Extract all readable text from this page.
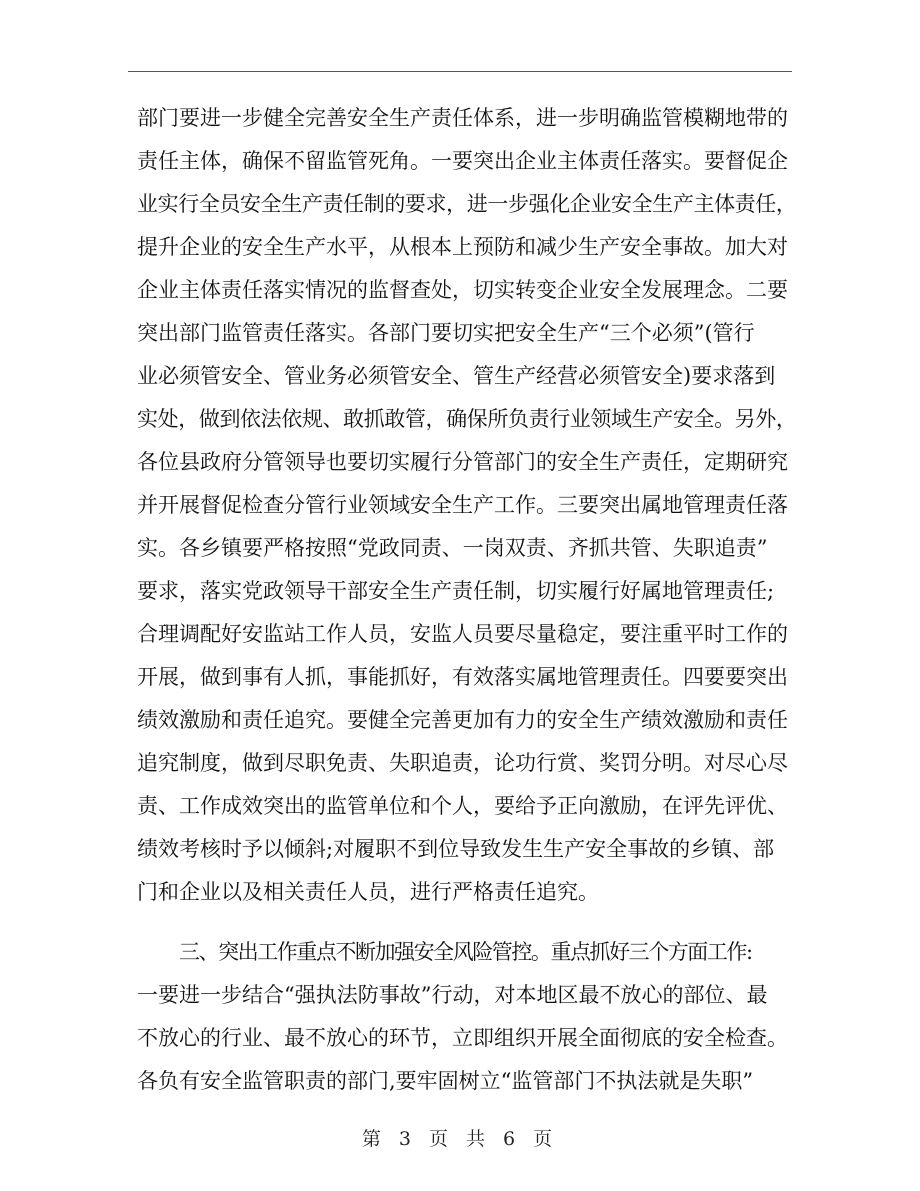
部门要进一步健全完善安全生产责任体系，进一步明确监管模糊地带的
责任主体，确保不留监管死角。一要突出企业主体责任落实。要督促企
业实行全员安全生产责任制的要求，进一步强化企业安全生产主体责任，
提升企业的安全生产水平，从根本上预防和减少生产安全事故。加大对
企业主体责任落实情况的监督查处，切实转变企业安全发展理念。二要
突出部门监管责任落实。各部门要切实把安全生产“三个必须”(管行
业必须管安全、管业务必须管安全、管生产经营必须管安全)要求落到
实处，做到依法依规、敢抓敢管，确保所负责行业领域生产安全。另外，
各位县政府分管领导也要切实履行分管部门的安全生产责任，定期研究
并开展督促检查分管行业领域安全生产工作。三要突出属地管理责任落
实。各乡镇要严格按照“党政同责、一岗双责、齐抓共管、失职追责”
要求，落实党政领导干部安全生产责任制，切实履行好属地管理责任;
合理调配好安监站工作人员，安监人员要尽量稳定，要注重平时工作的
开展，做到事有人抓，事能抓好，有效落实属地管理责任。四要要突出
绩效激励和责任追究。要健全完善更加有力的安全生产绩效激励和责任
追究制度，做到尽职免责、失职追责，论功行赏、奖罚分明。对尽心尽
责、工作成效突出的监管单位和个人，要给予正向激励，在评先评优、
绩效考核时予以倾斜;对履职不到位导致发生生产安全事故的乡镇、部
门和企业以及相关责任人员，进行严格责任追究。
三、突出工作重点不断加强安全风险管控。重点抓好三个方面工作:
一要进一步结合“强执法防事故”行动，对本地区最不放心的部位、最
不放心的行业、最不放心的环节，立即组织开展全面彻底的安全检查。
各负有安全监管职责的部门,要牢固树立“监管部门不执法就是失职”
第 3 页 共 6 页
